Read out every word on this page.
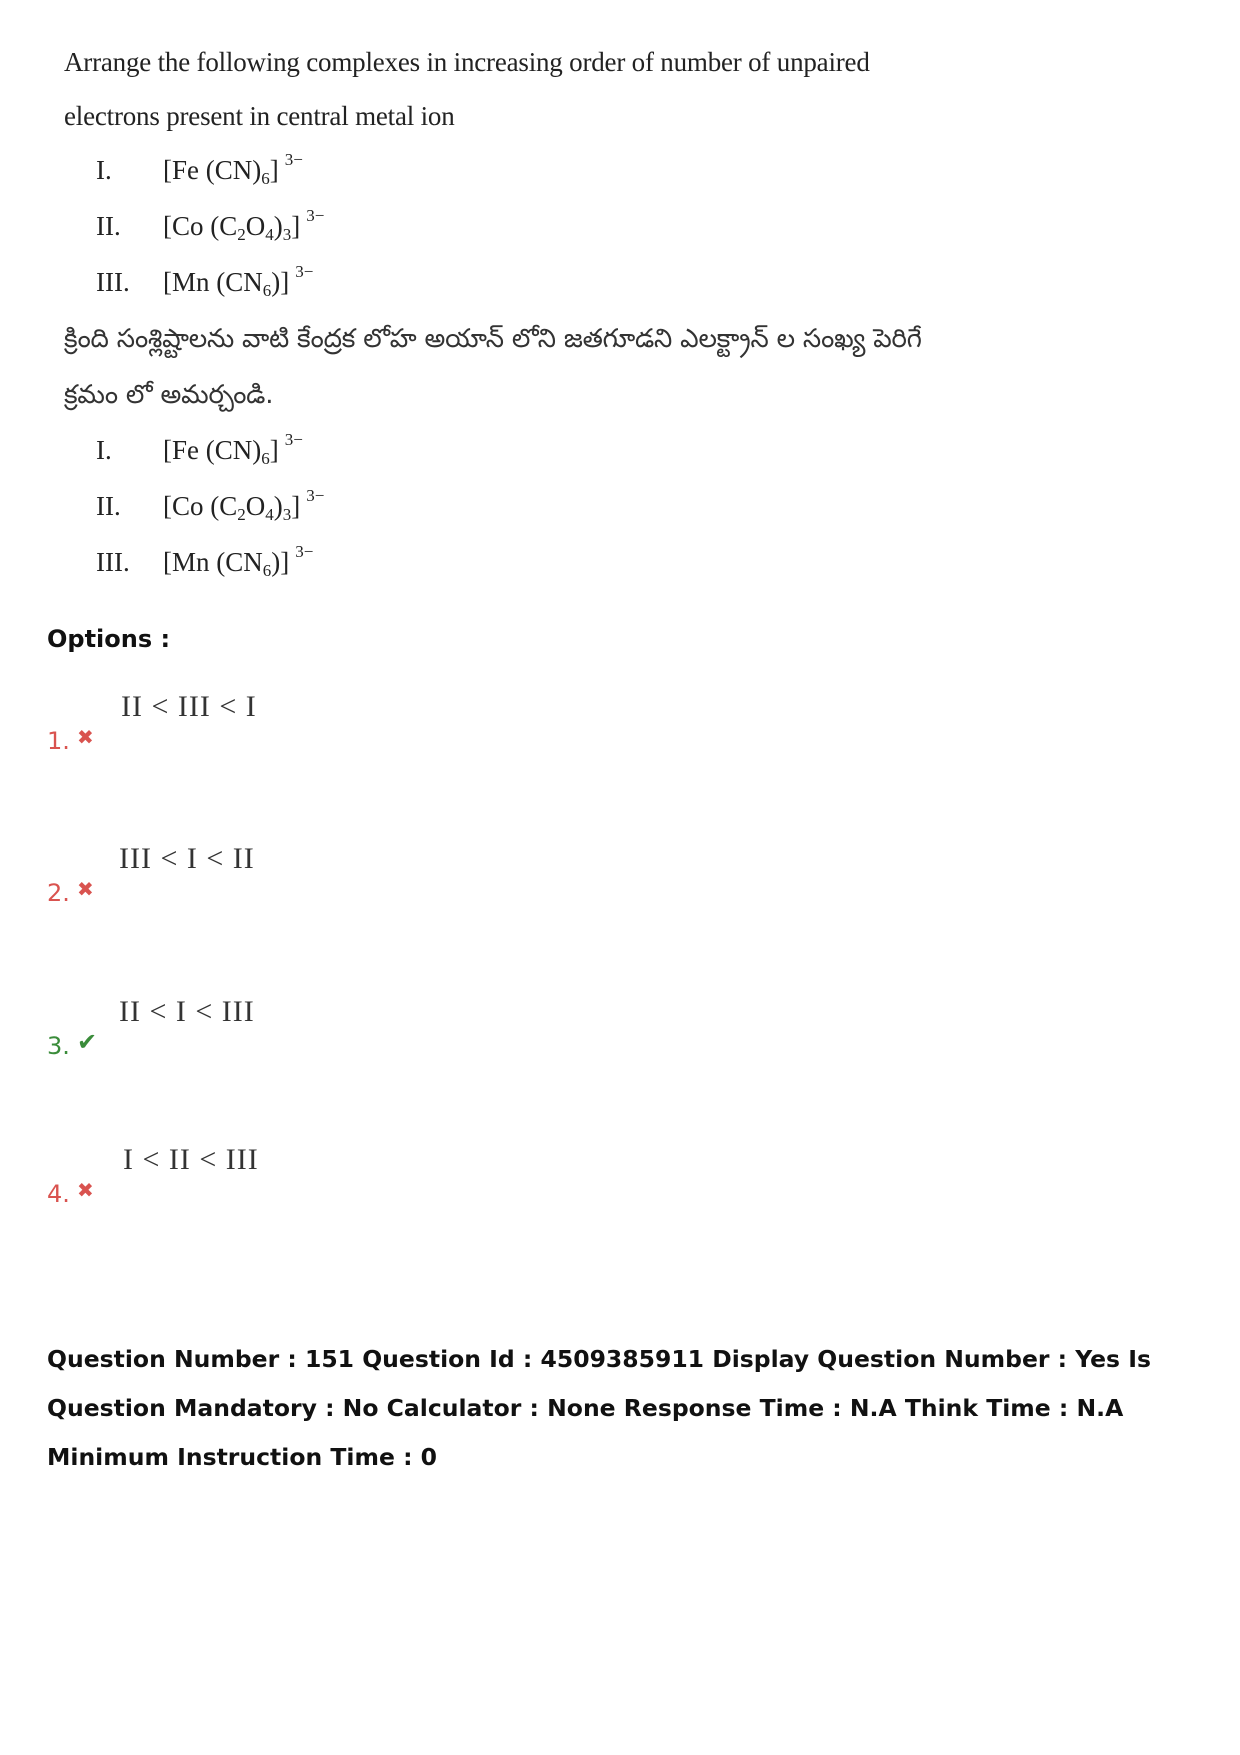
Arrange the following complexes in increasing order of number of unpaired electrons present in central metal ion

I. [Fe $(CN)_6$] $^{3-}$
II. [Co $(C_2O_4)_3$] $^{3-}$
III. [Mn $(CN_6)$] $^{3-}$

క్రింది సంశ్లిష్టాలను వాటి కేంద్రక లోహ అయాన్ లోని జతగూడని ఎలక్ట్రాన్ ల సంఖ్య పెరిగే క్రమం లో అమర్చండి.

I. [Fe $(CN)_6$] $^{3-}$
II. [Co $(C_2O_4)_3$] $^{3-}$
III. [Mn $(CN_6)$] $^{3-}$
Options :
1. ✖
II < III < I
2. ✖
III < I < II
3. ✔
II < I < III
4. ✖
I < II < III
Question Number : 151 Question Id : 4509385911 Display Question Number : Yes Is Question Mandatory : No Calculator : None Response Time : N.A Think Time : N.A Minimum Instruction Time : 0
